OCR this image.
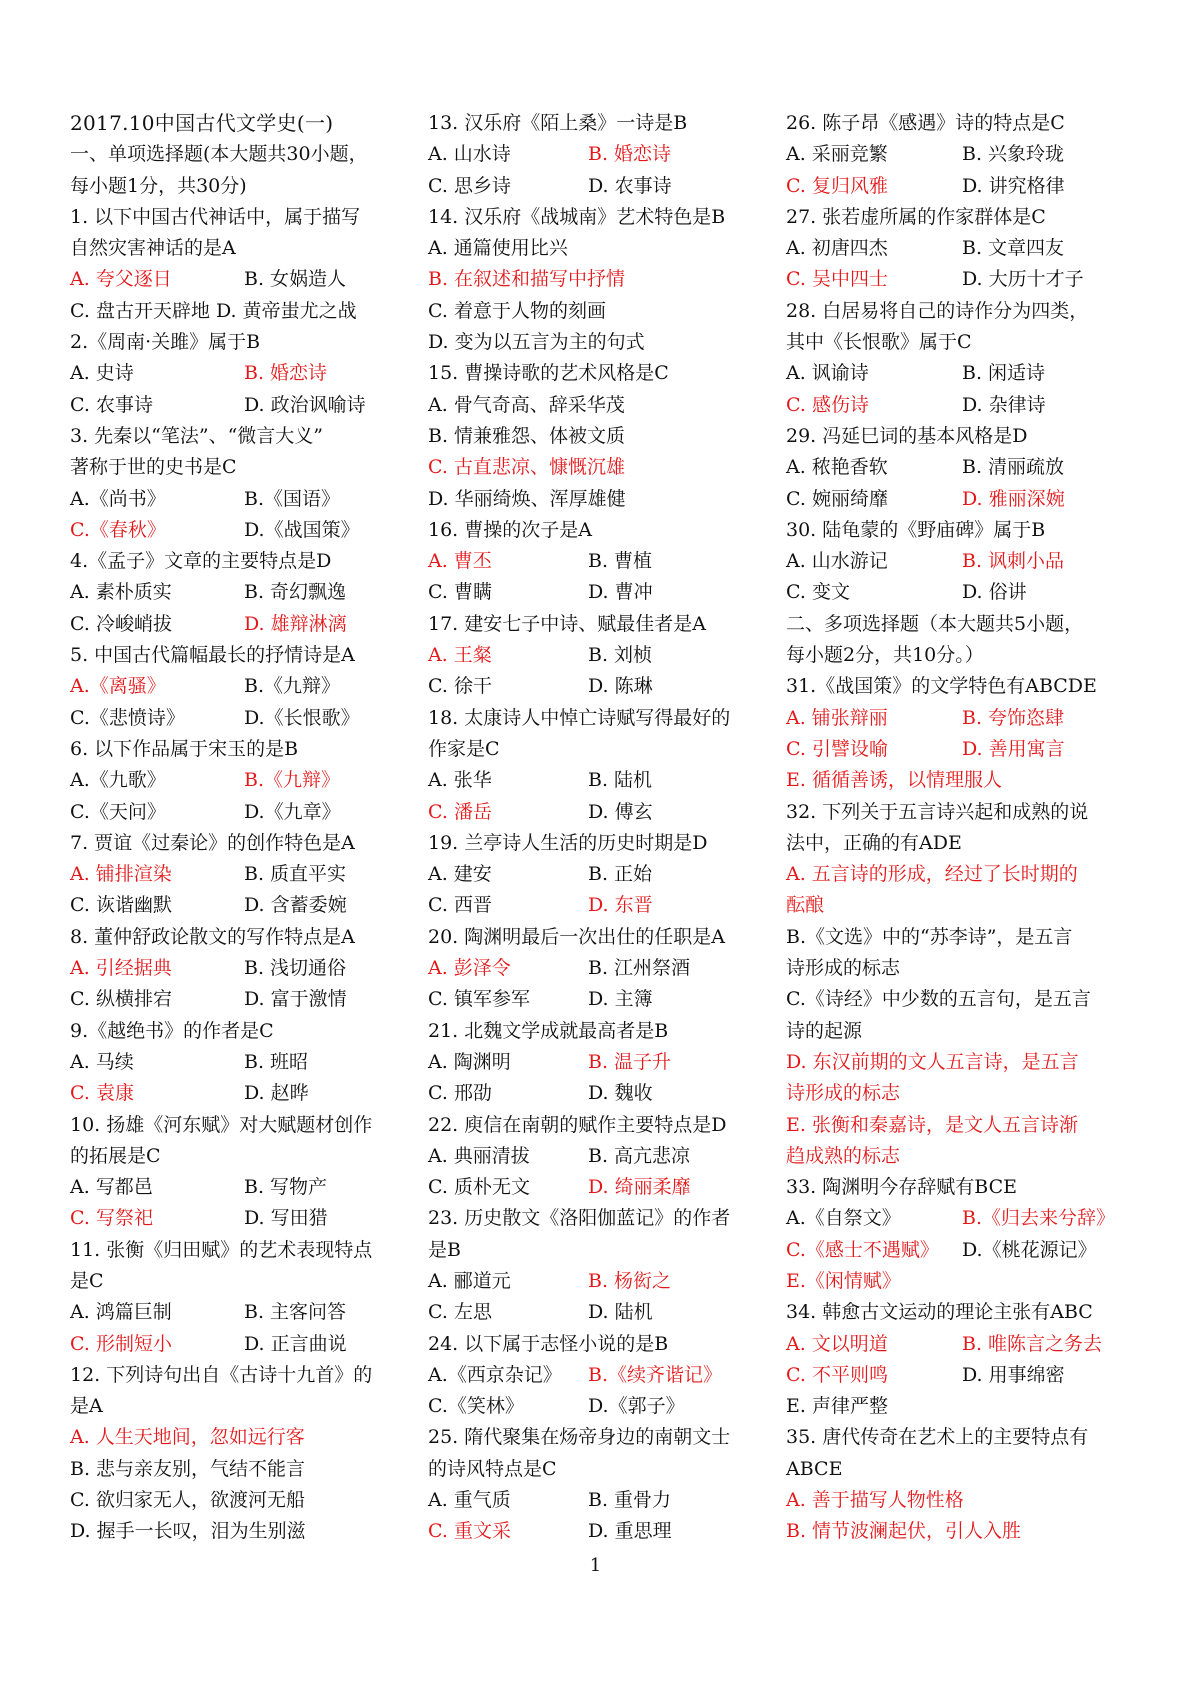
2017.10中国古代文学史(一)
一、单项选择题(本大题共30小题，
每小题1分，共30分)
1. 以下中国古代神话中，属于描写
自然灾害神话的是A
A. 夸父逐日	B. 女娲造人
C. 盘古开天辟地 D. 黄帝蚩尤之战
2.《周南·关雎》属于B
A. 史诗	B. 婚恋诗
C. 农事诗	D. 政治讽喻诗
3. 先秦以“笔法”、“微言大义”
著称于世的史书是C
A.《尚书》	B.《国语》
C.《春秋》	D.《战国策》
4.《孟子》文章的主要特点是D
A. 素朴质实	B. 奇幻飘逸
C. 冷峻峭拔	D. 雄辩淋漓
5. 中国古代篇幅最长的抒情诗是A
A.《离骚》	B.《九辩》
C.《悲愤诗》	D.《长恨歌》
6. 以下作品属于宋玉的是B
A.《九歌》	B.《九辩》
C.《天问》	D.《九章》
7. 贾谊《过秦论》的创作特色是A
A. 铺排渲染	B. 质直平实
C. 诙谐幽默	D. 含蓄委婉
8. 董仲舒政论散文的写作特点是A
A. 引经据典	B. 浅切通俗
C. 纵横排宕	D. 富于激情
9.《越绝书》的作者是C
A. 马续	B. 班昭
C. 袁康	D. 赵晔
10. 扬雄《河东赋》对大赋题材创作
的拓展是C
A. 写都邑	B. 写物产
C. 写祭祀	D. 写田猎
11. 张衡《归田赋》的艺术表现特点
是C
A. 鸿篇巨制	B. 主客问答
C. 形制短小	D. 正言曲说
12. 下列诗句出自《古诗十九首》的
是A
A. 人生天地间，忽如远行客
B. 悲与亲友别，气结不能言
C. 欲归家无人，欲渡河无船
D. 握手一长叹，泪为生别滋
13. 汉乐府《陌上桑》一诗是B
A. 山水诗	B. 婚恋诗
C. 思乡诗	D. 农事诗
14. 汉乐府《战城南》艺术特色是B
A. 通篇使用比兴
B. 在叙述和描写中抒情
C. 着意于人物的刻画
D. 变为以五言为主的句式
15. 曹操诗歌的艺术风格是C
A. 骨气奇高、辞采华茂
B. 情兼雅怨、体被文质
C. 古直悲凉、慷慨沉雄
D. 华丽绮焕、浑厚雄健
16. 曹操的次子是A
A. 曹丕	B. 曹植
C. 曹瞒	D. 曹冲
17. 建安七子中诗、赋最佳者是A
A. 王粲	B. 刘桢
C. 徐干	D. 陈琳
18. 太康诗人中悼亡诗赋写得最好的
作家是C
A. 张华	B. 陆机
C. 潘岳	D. 傅玄
19. 兰亭诗人生活的历史时期是D
A. 建安	B. 正始
C. 西晋	D. 东晋
20. 陶渊明最后一次出仕的任职是A
A. 彭泽令	B. 江州祭酒
C. 镇军参军	D. 主簿
21. 北魏文学成就最高者是B
A. 陶渊明	B. 温子升
C. 邢劭	D. 魏收
22. 庾信在南朝的赋作主要特点是D
A. 典丽清拔	B. 高亢悲凉
C. 质朴无文	D. 绮丽柔靡
23. 历史散文《洛阳伽蓝记》的作者
是B
A. 郦道元	B. 杨衒之
C. 左思	D. 陆机
24. 以下属于志怪小说的是B
A.《西京杂记》 B.《续齐谐记》
C.《笑林》	D.《郭子》
25. 隋代聚集在炀帝身边的南朝文士
的诗风特点是C
A. 重气质	B. 重骨力
C. 重文采	D. 重思理
26. 陈子昂《感遇》诗的特点是C
A. 采丽竞繁	B. 兴象玲珑
C. 复归风雅	D. 讲究格律
27. 张若虚所属的作家群体是C
A. 初唐四杰	B. 文章四友
C. 吴中四士	D. 大历十才子
28. 白居易将自己的诗作分为四类，
其中《长恨歌》属于C
A. 讽谕诗	B. 闲适诗
C. 感伤诗	D. 杂律诗
29. 冯延巳词的基本风格是D
A. 秾艳香软	B. 清丽疏放
C. 婉丽绮靡	D. 雅丽深婉
30. 陆龟蒙的《野庙碑》属于B
A. 山水游记	B. 讽刺小品
C. 变文	D. 俗讲
二、多项选择题（本大题共5小题，
每小题2分，共10分。）
31.《战国策》的文学特色有ABCDE
A. 铺张辩丽	B. 夸饰恣肆
C. 引譬设喻	D. 善用寓言
E. 循循善诱，以情理服人
32. 下列关于五言诗兴起和成熟的说
法中，正确的有ADE
A. 五言诗的形成，经过了长时期的
酝酿
B.《文选》中的“苏李诗”，是五言
诗形成的标志
C.《诗经》中少数的五言句，是五言
诗的起源
D. 东汉前期的文人五言诗，是五言
诗形成的标志
E. 张衡和秦嘉诗，是文人五言诗渐
趋成熟的标志
33. 陶渊明今存辞赋有BCE
A.《自祭文》	B.《归去来兮辞》
C.《感士不遇赋》 D.《桃花源记》
E.《闲情赋》
34. 韩愈古文运动的理论主张有ABC
A. 文以明道	B. 唯陈言之务去
C. 不平则鸣	D. 用事绵密
E. 声律严整
35. 唐代传奇在艺术上的主要特点有
ABCE
A. 善于描写人物性格
B. 情节波澜起伏，引人入胜
1
